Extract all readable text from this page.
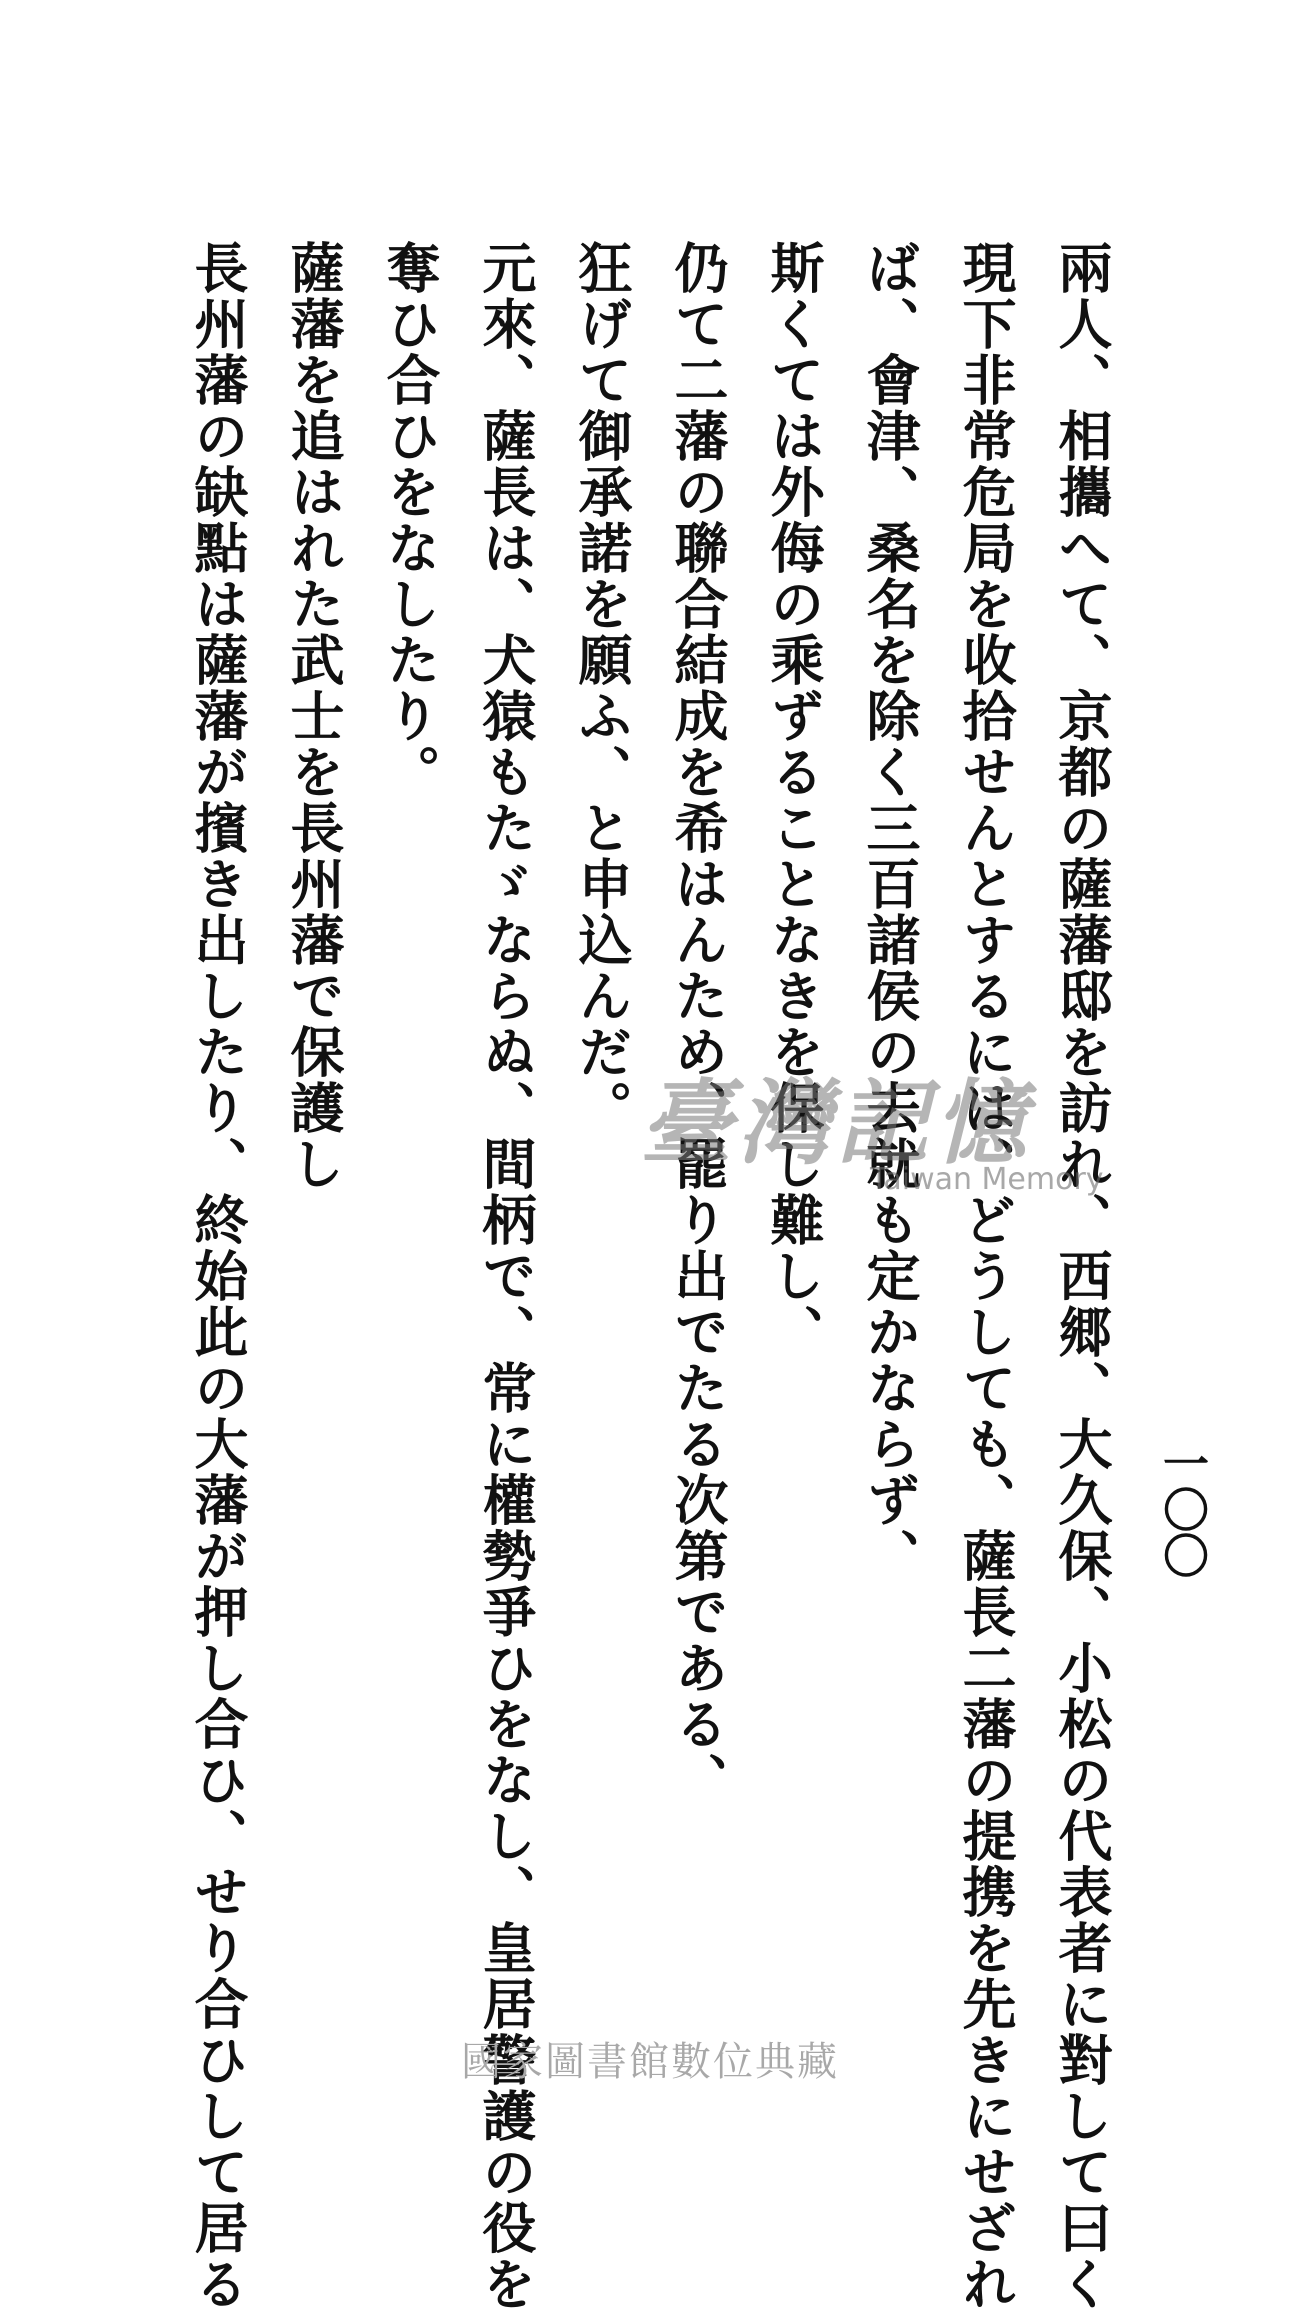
一〇〇
兩人、相攜へて、京都の薩藩邸を訪れ、西郷、大久保、小松の代表者に對して曰く
現下非常危局を收拾せんとするには、どうしても、薩長二藩の提携を先きにせざれ
ば、會津、桑名を除く三百諸侯の去就も定かならず、
斯くては外侮の乘ずることなきを保し難し、
仍て二藩の聯合結成を希はんため、罷り出でたる次第である、
狂げて御承諾を願ふ、と申込んだ。
元來、薩長は、犬猿もたゞならぬ、間柄で、常に權勢爭ひをなし、皇居警護の役を
奪ひ合ひをなしたり。
薩藩を追はれた武士を長州藩で保護し
長州藩の缺點は薩藩が擯き出したり、終始此の大藩が押し合ひ、せり合ひして居る	臺灣記憶
Taiwan Memory
國家圖書館數位典藏
